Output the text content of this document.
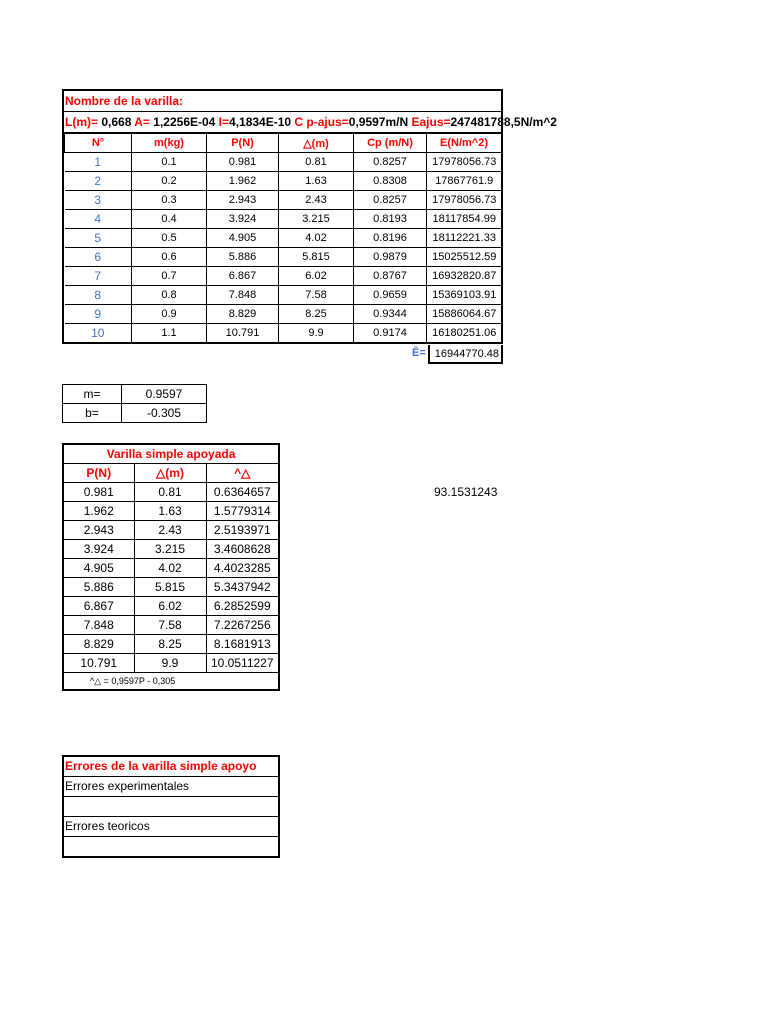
Nombre de la varilla:
L(m)= 0,668 A= 1,2256E-04 I=4,1834E-10 C p-ajus=0,9597m/N Eajus=247481788,5N/m^2
N°	m(kg)	P(N)	△(m)	Cp (m/N)	E(N/m^2)
1	0.1	0.981	0.81	0.8257	17978056.73
2	0.2	1.962	1.63	0.8308	17867761.9
3	0.3	2.943	2.43	0.8257	17978056.73
4	0.4	3.924	3.215	0.8193	18117854.99
5	0.5	4.905	4.02	0.8196	18112221.33
6	0.6	5.886	5.815	0.9879	15025512.59
7	0.7	6.867	6.02	0.8767	16932820.87
8	0.8	7.848	7.58	0.9659	15369103.91
9	0.9	8.829	8.25	0.9344	15886064.67
10	1.1	10.791	9.9	0.9174	16180251.06
Ē= 16944770.48
m=	0.9597
b=	-0.305
Varilla simple apoyada		
P(N)	△(m)	^△
0.981	0.81	0.6364657
1.962	1.63	1.5779314
2.943	2.43	2.5193971
3.924	3.215	3.4608628
4.905	4.02	4.4023285
5.886	5.815	5.3437942
6.867	6.02	6.2852599
7.848	7.58	7.2267256
8.829	8.25	8.1681913
10.791	9.9	10.0511227
^△ = 0,9597P - 0,305		
93.1531243
Errores de la varilla simple apoyo
Errores experimentales
Errores teoricos
